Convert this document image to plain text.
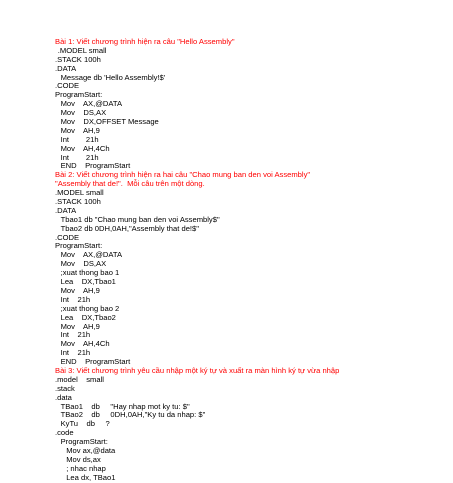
Bài 1: Viết chương trình hiện ra câu "Hello Assembly"
.MODEL small
.STACK 100h
.DATA
Message db 'Hello Assembly!$'
.CODE
ProgramStart:
Mov    AX,@DATA
Mov    DS,AX
Mov    DX,OFFSET Message
Mov    AH,9
Int        21h
Mov    AH,4Ch
Int        21h
END    ProgramStart
Bài 2: Viết chương trình hiện ra hai câu "Chao mung ban den voi Assembly"
"Assembly that de!".  Mỗi câu trên một dòng.
.MODEL small
.STACK 100h
.DATA
Tbao1 db "Chao mung ban den voi Assembly$"
Tbao2 db 0DH,0AH,"Assembly that de!$"
.CODE
ProgramStart:
Mov    AX,@DATA
Mov    DS,AX
;xuat thong bao 1
Lea    DX,Tbao1
Mov    AH,9
Int    21h
;xuat thong bao 2
Lea    DX,Tbao2
Mov    AH,9
Int    21h
Mov    AH,4Ch
Int    21h
END    ProgramStart
Bài 3: Viết chương trình yêu cầu nhập một ký tự và xuất ra màn hình ký tự vừa nhập
.model    small
.stack
.data
TBao1    db     "Hay nhap mot ky tu: $"
TBao2    db     0DH,0AH,"Ky tu da nhap: $"
KyTu    db     ?
.code
ProgramStart:
Mov ax,@data
Mov ds,ax
; nhac nhap
Lea dx, TBao1
